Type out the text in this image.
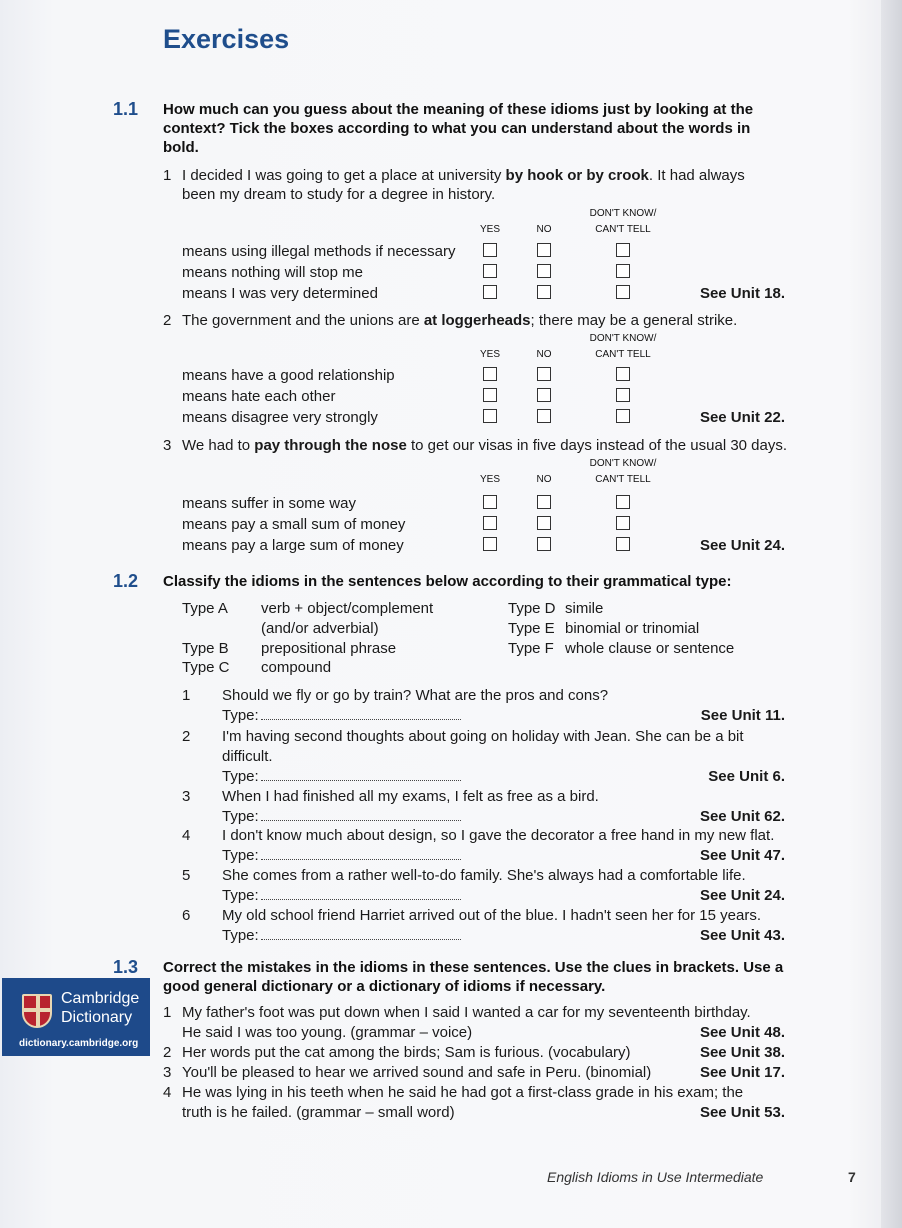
Exercises
1.1 How much can you guess about the meaning of these idioms just by looking at the
context? Tick the boxes according to what you can understand about the words in
bold.
1 I decided I was going to get a place at university by hook or by crook. It had always
been my dream to study for a degree in history.
YES	NO
DON'T KNOW/
CAN'T TELL
means using illegal methods if necessary
means nothing will stop me
means I was very determined	See Unit 18.
2 The government and the unions are at loggerheads; there may be a general strike.
YES	NO
DON'T KNOW/
CAN'T TELL
means have a good relationship
means hate each other
means disagree very strongly	See Unit 22.
3 We had to pay through the nose to get our visas in five days instead of the usual 30 days.
YES	NO
DON'T KNOW/
CAN'T TELL
means suffer in some way
means pay a small sum of money
means pay a large sum of money	See Unit 24.
1.2 Classify the idioms in the sentences below according to their grammatical type:
Type A verb + object/complement
(and/or adverbial)
Type B prepositional phrase
Type C compound
Type D simile
Type E binomial or trinomial
Type F whole clause or sentence
1 Should we fly or go by train? What are the pros and cons?
Type:	See Unit 11.
2 I'm having second thoughts about going on holiday with Jean. She can be a bit
difficult.
Type:	See Unit 6.
3 When I had finished all my exams, I felt as free as a bird.
Type:	See Unit 62.
4 I don't know much about design, so I gave the decorator a free hand in my new flat.
Type:	See Unit 47.
5 She comes from a rather well-to-do family. She's always had a comfortable life.
Type:	See Unit 24.
6 My old school friend Harriet arrived out of the blue. I hadn't seen her for 15 years.
Type:	See Unit 43.
1.3 Correct the mistakes in the idioms in these sentences. Use the clues in brackets. Use a
good general dictionary or a dictionary of idioms if necessary.
1 My father's foot was put down when I said I wanted a car for my seventeenth birthday.
He said I was too young. (grammar – voice)	See Unit 48.
2 Her words put the cat among the birds; Sam is furious. (vocabulary)	See Unit 38.
3 You'll be pleased to hear we arrived sound and safe in Peru. (binomial)	See Unit 17.
4 He was lying in his teeth when he said he had got a first-class grade in his exam; the
truth is he failed. (grammar – small word)	See Unit 53.
Cambridge
Dictionary
dictionary.cambridge.org
English Idioms in Use Intermediate	7
